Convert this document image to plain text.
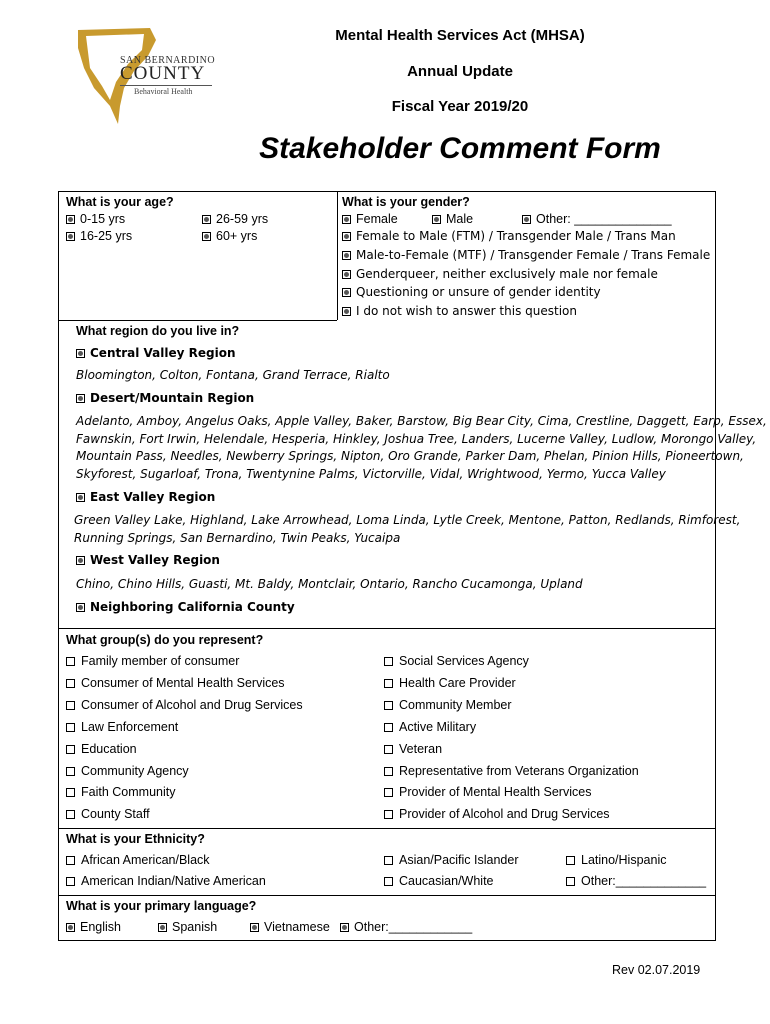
SAN BERNARDINO
COUNTY
Behavioral Health
Mental Health Services Act (MHSA)
Annual Update
Fiscal Year 2019/20
Stakeholder Comment Form
What is your age?
0-15 yrs
16-25 yrs
26-59 yrs
60+ yrs
What is your gender?
Female	Male	Other: ______________
Female to Male (FTM) / Transgender Male / Trans Man
Male-to-Female (MTF) / Transgender Female / Trans Female
Genderqueer, neither exclusively male nor female
Questioning or unsure of gender identity
I do not wish to answer this question
What region do you live in?
Central Valley Region
Bloomington, Colton, Fontana, Grand Terrace, Rialto
Desert/Mountain Region
Adelanto, Amboy, Angelus Oaks, Apple Valley, Baker, Barstow, Big Bear City, Cima, Crestline, Daggett, Earp, Essex,
Fawnskin, Fort Irwin, Helendale, Hesperia, Hinkley, Joshua Tree, Landers, Lucerne Valley, Ludlow, Morongo Valley,
Mountain Pass, Needles, Newberry Springs, Nipton, Oro Grande, Parker Dam, Phelan, Pinion Hills, Pioneertown,
Skyforest, Sugarloaf, Trona, Twentynine Palms, Victorville, Vidal, Wrightwood, Yermo, Yucca Valley
East Valley Region
Green Valley Lake, Highland, Lake Arrowhead, Loma Linda, Lytle Creek, Mentone, Patton, Redlands, Rimforest,
Running Springs, San Bernardino, Twin Peaks, Yucaipa
West Valley Region
Chino, Chino Hills, Guasti, Mt. Baldy, Montclair, Ontario, Rancho Cucamonga, Upland
Neighboring California County
What group(s) do you represent?
Family member of consumer
Consumer of Mental Health Services
Consumer of Alcohol and Drug Services
Law Enforcement
Education
Community Agency
Faith Community
County Staff
Social Services Agency
Health Care Provider
Community Member
Active Military
Veteran
Representative from Veterans Organization
Provider of Mental Health Services
Provider of Alcohol and Drug Services
What is your Ethnicity?
African American/Black	Asian/Pacific Islander	Latino/Hispanic
American Indian/Native American	Caucasian/White	Other:_____________
What is your primary language?
English	Spanish	Vietnamese	Other:____________
Rev 02.07.2019
